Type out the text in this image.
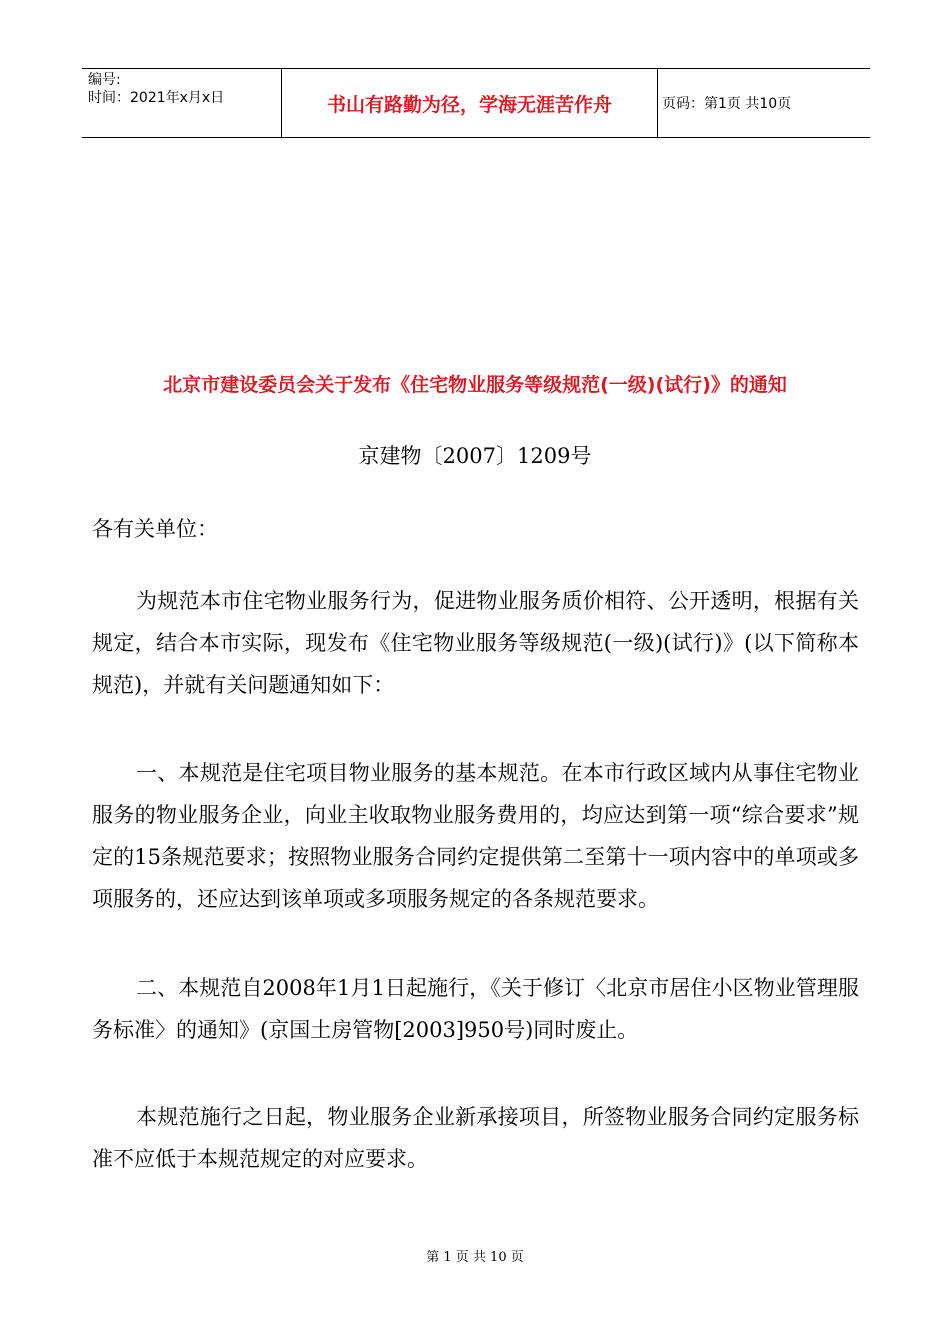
编号:
时间：2021年x月x日	书山有路勤为径，学海无涯苦作舟	页码：第1页 共10页
北京市建设委员会关于发布《住宅物业服务等级规范(一级)(试行)》的通知
京建物〔2007〕1209号

各有关单位：

为规范本市住宅物业服务行为，促进物业服务质价相符、公开透明，根据有关规定，结合本市实际，现发布《住宅物业服务等级规范(一级)(试行)》(以下简称本规范)，并就有关问题通知如下：

一、本规范是住宅项目物业服务的基本规范。在本市行政区域内从事住宅物业服务的物业服务企业，向业主收取物业服务费用的，均应达到第一项“综合要求”规定的15条规范要求；按照物业服务合同约定提供第二至第十一项内容中的单项或多项服务的，还应达到该单项或多项服务规定的各条规范要求。

二、本规范自2008年1月1日起施行，《关于修订〈北京市居住小区物业管理服务标准〉的通知》(京国土房管物[2003]950号)同时废止。

本规范施行之日起，物业服务企业新承接项目，所签物业服务合同约定服务标准不应低于本规范规定的对应要求。

第 1 页 共 10 页
